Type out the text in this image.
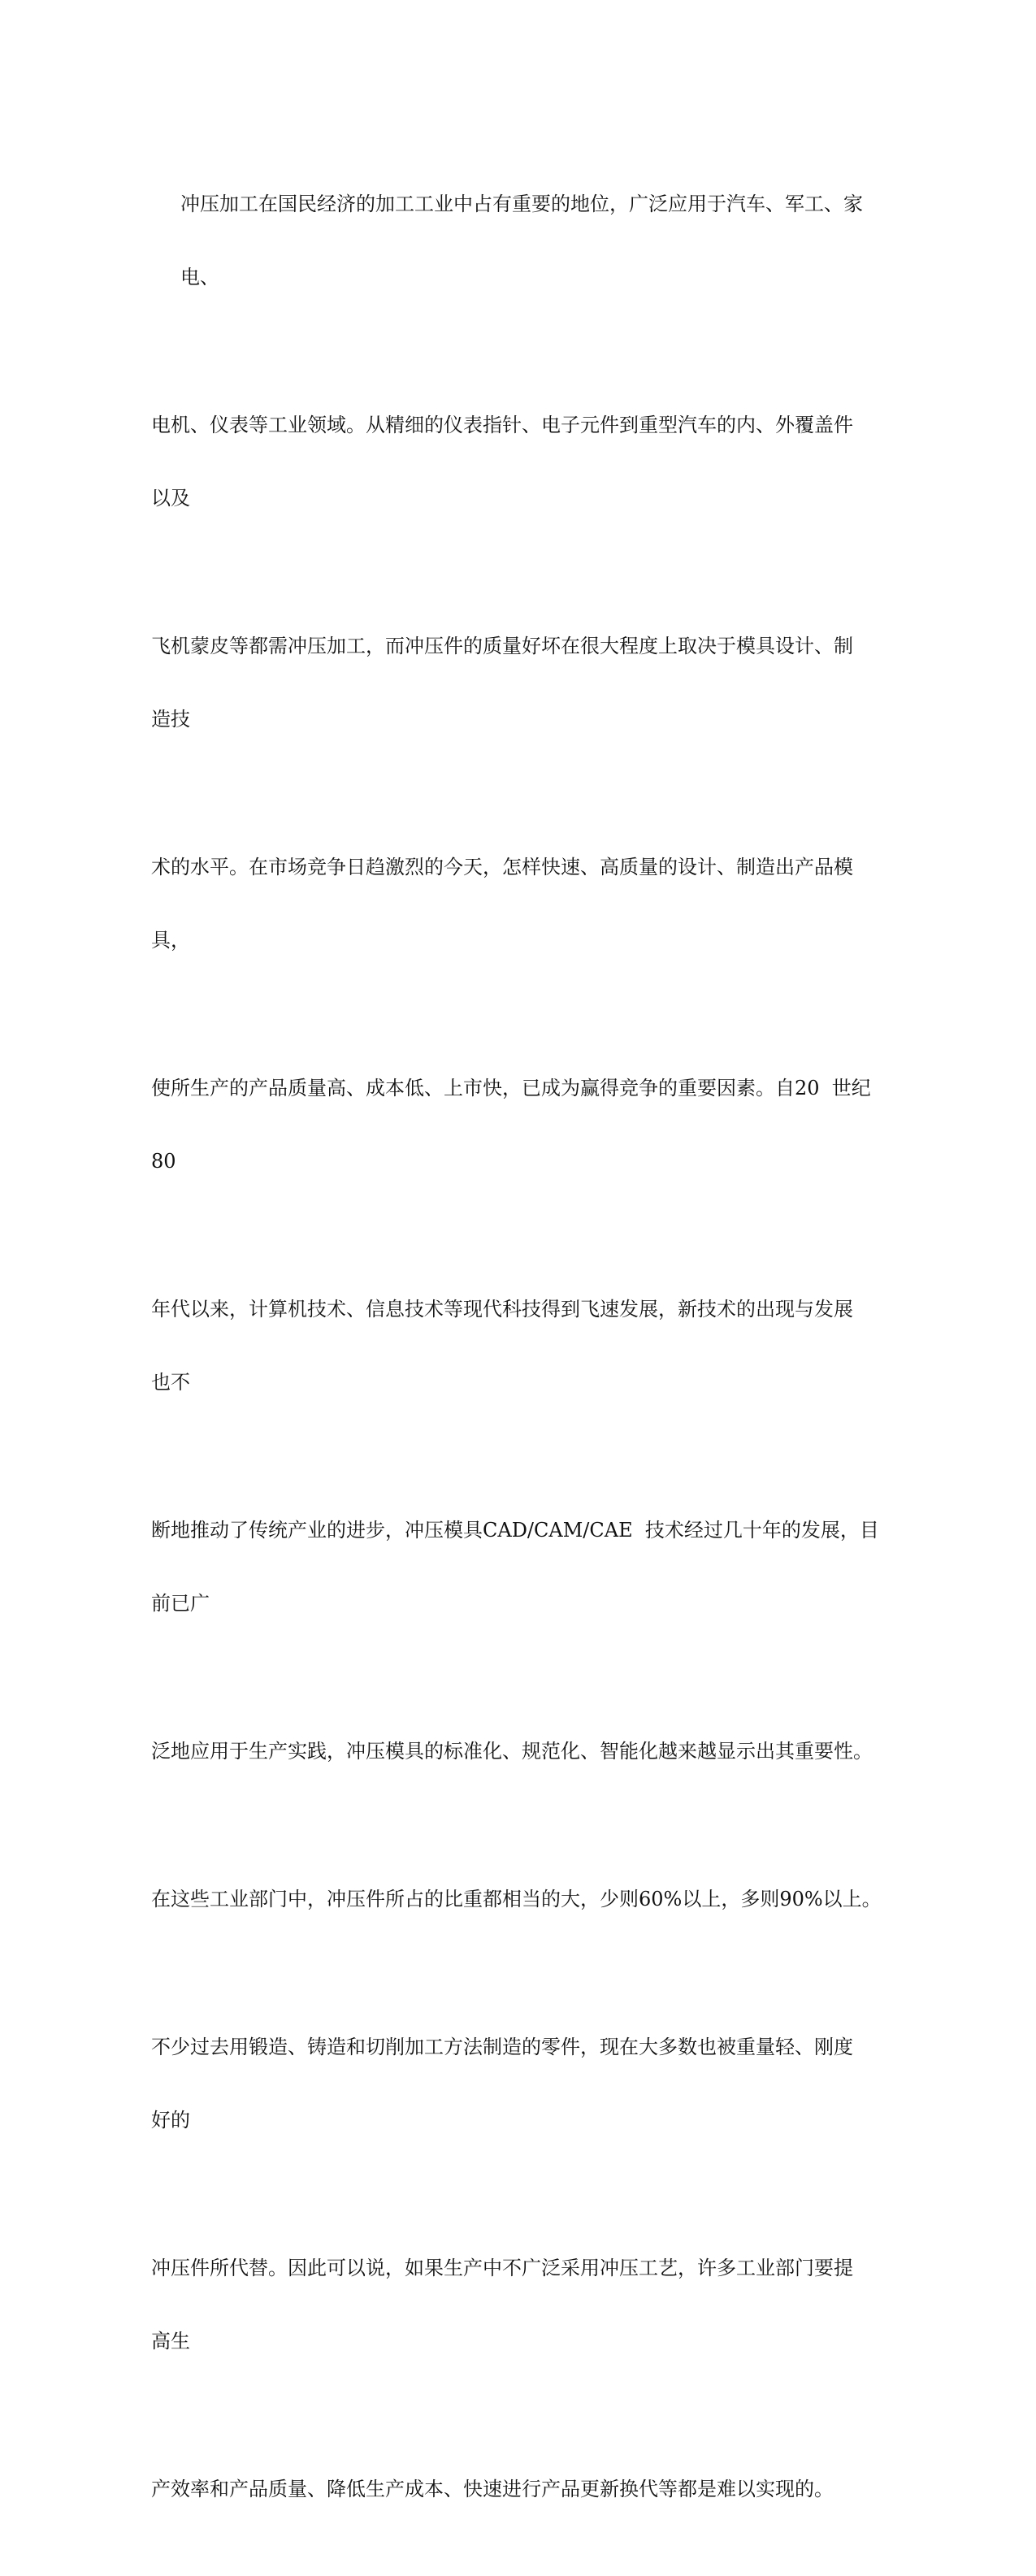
冲压加工在国民经济的加工工业中占有重要的地位，广泛应用于汽车、军工、家

电、

电机、仪表等工业领域。从精细的仪表指针、电子元件到重型汽车的内、外覆盖件

以及

飞机蒙皮等都需冲压加工，而冲压件的质量好坏在很大程度上取决于模具设计、制

造技

术的水平。在市场竞争日趋激烈的今天，怎样快速、高质量的设计、制造出产品模

具，

使所生产的产品质量高、成本低、上市快，已成为赢得竞争的重要因素。自20  世纪

80

年代以来，计算机技术、信息技术等现代科技得到飞速发展，新技术的出现与发展

也不

断地推动了传统产业的进步，冲压模具CAD/CAM/CAE  技术经过几十年的发展，目

前已广

泛地应用于生产实践，冲压模具的标准化、规范化、智能化越来越显示出其重要性。

在这些工业部门中，冲压件所占的比重都相当的大，少则60%以上，多则90%以上。

不少过去用锻造、铸造和切削加工方法制造的零件，现在大多数也被重量轻、刚度

好的

冲压件所代替。因此可以说，如果生产中不广泛采用冲压工艺，许多工业部门要提

高生

产效率和产品质量、降低生产成本、快速进行产品更新换代等都是难以实现的。
